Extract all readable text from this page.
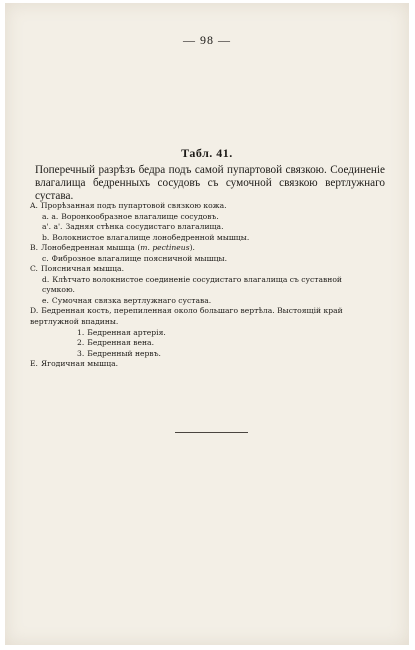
— 98 —
Табл. 41.
Поперечный разрѣзъ бедра подъ самой пупартовой связкою. Соединеніе влагалища бедренныхъ сосудовъ съ сумочной связкою вертлужнаго сустава.
A. Прорѣзанная подъ пупартовой связкою кожа.
a. a. Воронкообразное влагалище сосудовъ.
a'. a'. Задняя стѣнка сосудистаго влагалища.
b. Волокнистое влагалище лонобедренной мышцы.
B. Лонобедренная мышца (m. pectineus).
c. Фиброзное влагалище поясничной мышцы.
C. Поясничная мышца.
d. Клѣтчато волокнистое соединеніе сосудистаго влагалища съ суставной
сумкою.
e. Сумочная связка вертлужнаго сустава.
D. Бедренная кость, перепиленная около большаго вертѣла. Выстоящій край
вертлужной впадины.
1. Бедренная артерія.
2. Бедренная вена.
3. Бедренный нервъ.
E. Ягодичная мышца.
